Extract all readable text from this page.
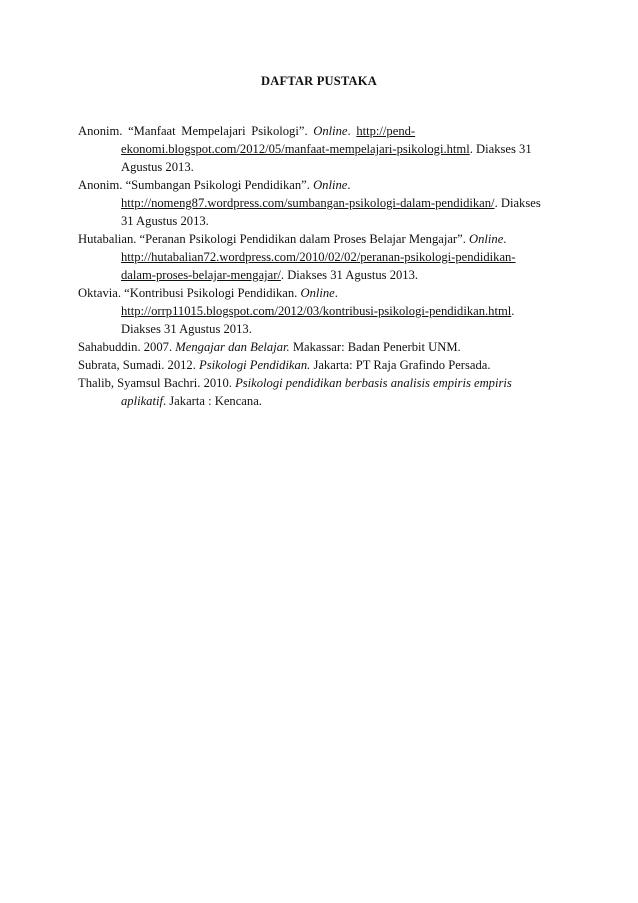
DAFTAR PUSTAKA
Anonim. “Manfaat Mempelajari Psikologi”. Online. http://pend-
ekonomi.blogspot.com/2012/05/manfaat-mempelajari-psikologi.html. Diakses 31
Agustus 2013.
Anonim. “Sumbangan Psikologi Pendidikan”. Online.
http://nomeng87.wordpress.com/sumbangan-psikologi-dalam-pendidikan/. Diakses
31 Agustus 2013.
Hutabalian. “Peranan Psikologi Pendidikan dalam Proses Belajar Mengajar”. Online.
http://hutabalian72.wordpress.com/2010/02/02/peranan-psikologi-pendidikan-
dalam-proses-belajar-mengajar/. Diakses 31 Agustus 2013.
Oktavia. “Kontribusi Psikologi Pendidikan. Online.
http://orrp11015.blogspot.com/2012/03/kontribusi-psikologi-pendidikan.html.
Diakses 31 Agustus 2013.
Sahabuddin. 2007. Mengajar dan Belajar. Makassar: Badan Penerbit UNM.
Subrata, Sumadi. 2012. Psikologi Pendidikan. Jakarta: PT Raja Grafindo Persada.
Thalib, Syamsul Bachri. 2010. Psikologi pendidikan berbasis analisis empiris empiris
aplikatif. Jakarta : Kencana.
